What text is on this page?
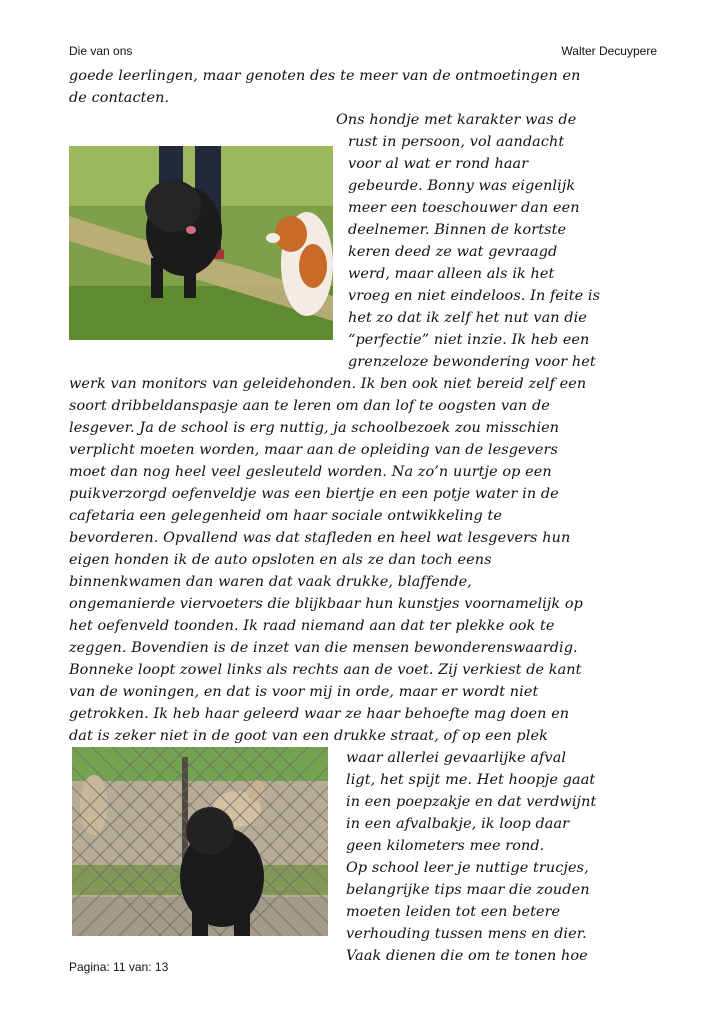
Die van ons	Walter Decuypere
goede leerlingen, maar genoten des te meer van de ontmoetingen en
de contacten.
Ons hondje met karakter was de
rust in persoon, vol aandacht
voor al wat er rond haar
gebeurde. Bonny was eigenlijk
meer een toeschouwer dan een
deelnemer. Binnen de kortste
keren deed ze wat gevraagd
werd, maar alleen als ik het
vroeg en niet eindeloos. In feite is
het zo dat ik zelf het nut van die
“perfectie” niet inzie. Ik heb een
grenzeloze bewondering voor het
werk van monitors van geleidehonden. Ik ben ook niet bereid zelf een
soort dribbeldanspasje aan te leren om dan lof te oogsten van de
lesgever. Ja de school is erg nuttig, ja schoolbezoek zou misschien
verplicht moeten worden, maar aan de opleiding van de lesgevers
moet dan nog heel veel gesleuteld worden. Na zo’n uurtje op een
puikverzorgd oefenveldje was een biertje en een potje water in de
cafetaria een gelegenheid om haar sociale ontwikkeling te
bevorderen. Opvallend was dat stafleden en heel wat lesgevers hun
eigen honden ik de auto opsloten en als ze dan toch eens
binnenkwamen dan waren dat vaak drukke, blaffende,
ongemanierde viervoeters die blijkbaar hun kunstjes voornamelijk op
het oefenveld toonden. Ik raad niemand aan dat ter plekke ook te
zeggen. Bovendien is de inzet van die mensen bewonderenswaardig.
Bonneke loopt zowel links als rechts aan de voet. Zij verkiest de kant
van de woningen, en dat is voor mij in orde, maar er wordt niet
getrokken. Ik heb haar geleerd waar ze haar behoefte mag doen en
dat is zeker niet in de goot van een drukke straat, of op een plek
waar allerlei gevaarlijke afval
ligt, het spijt me. Het hoopje gaat
in een poepzakje en dat verdwijnt
in een afvalbakje, ik loop daar
geen kilometers mee rond.
Op school leer je nuttige trucjes,
belangrijke tips maar die zouden
moeten leiden tot een betere
verhouding tussen mens en dier.
Vaak dienen die om te tonen hoe
Pagina: 11 van: 13
